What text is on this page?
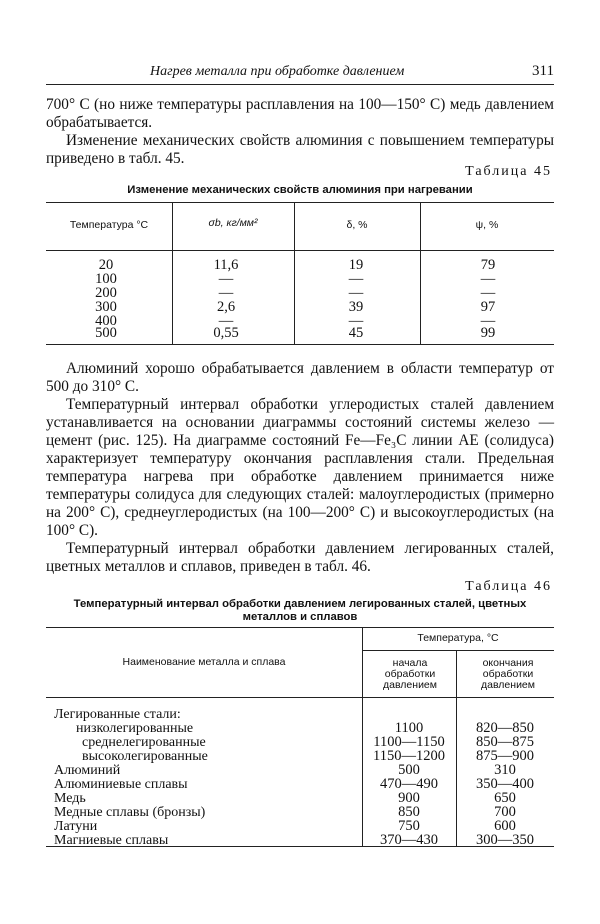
Нагрев металла при обработке давлением	311

700° С (но ниже температуры расплавления на 100—150° С) медь давлением обрабатывается.

Изменение механических свойств алюминия с повышением температуры приведено в табл. 45.

Таблица 45
Изменение механических свойств алюминия при нагревании
Температура °С	σb, кг/мм²	δ, %	ψ, %
20	11,6	19	79
100	—	—	—
200	—	—	—
300	2,6	39	97
400	—	—	—
500	0,55	45	99

Алюминий хорошо обрабатывается давлением в области температур от 500 до 310° С.

Температурный интервал обработки углеродистых сталей давлением устанавливается на основании диаграммы состояний системы железо — цемент (рис. 125). На диаграмме состояний Fe—Fe₃С линии АЕ (солидуса) характеризует температуру окончания расплавления стали. Предельная температура нагрева при обработке давлением принимается ниже температуры солидуса для следующих сталей: малоуглеродистых (примерно на 200° С), среднеуглеродистых (на 100—200° С) и высокоуглеродистых (на 100° С).

Температурный интервал обработки давлением легированных сталей, цветных металлов и сплавов, приведен в табл. 46.

Таблица 46
Температурный интервал обработки давлением легированных сталей, цветных
металлов и сплавов
Наименование металла и сплава
Температура, °С
начала обработки давлением
окончания обработки давлением
Легированные стали:
низколегированные	1100	820—850
среднелегированные	1100—1150	850—875
высоколегированные	1150—1200	875—900
Алюминий	500	310
Алюминиевые сплавы	470—490	350—400
Медь	900	650
Медные сплавы (бронзы)	850	700
Латуни	750	600
Магниевые сплавы	370—430	300—350
